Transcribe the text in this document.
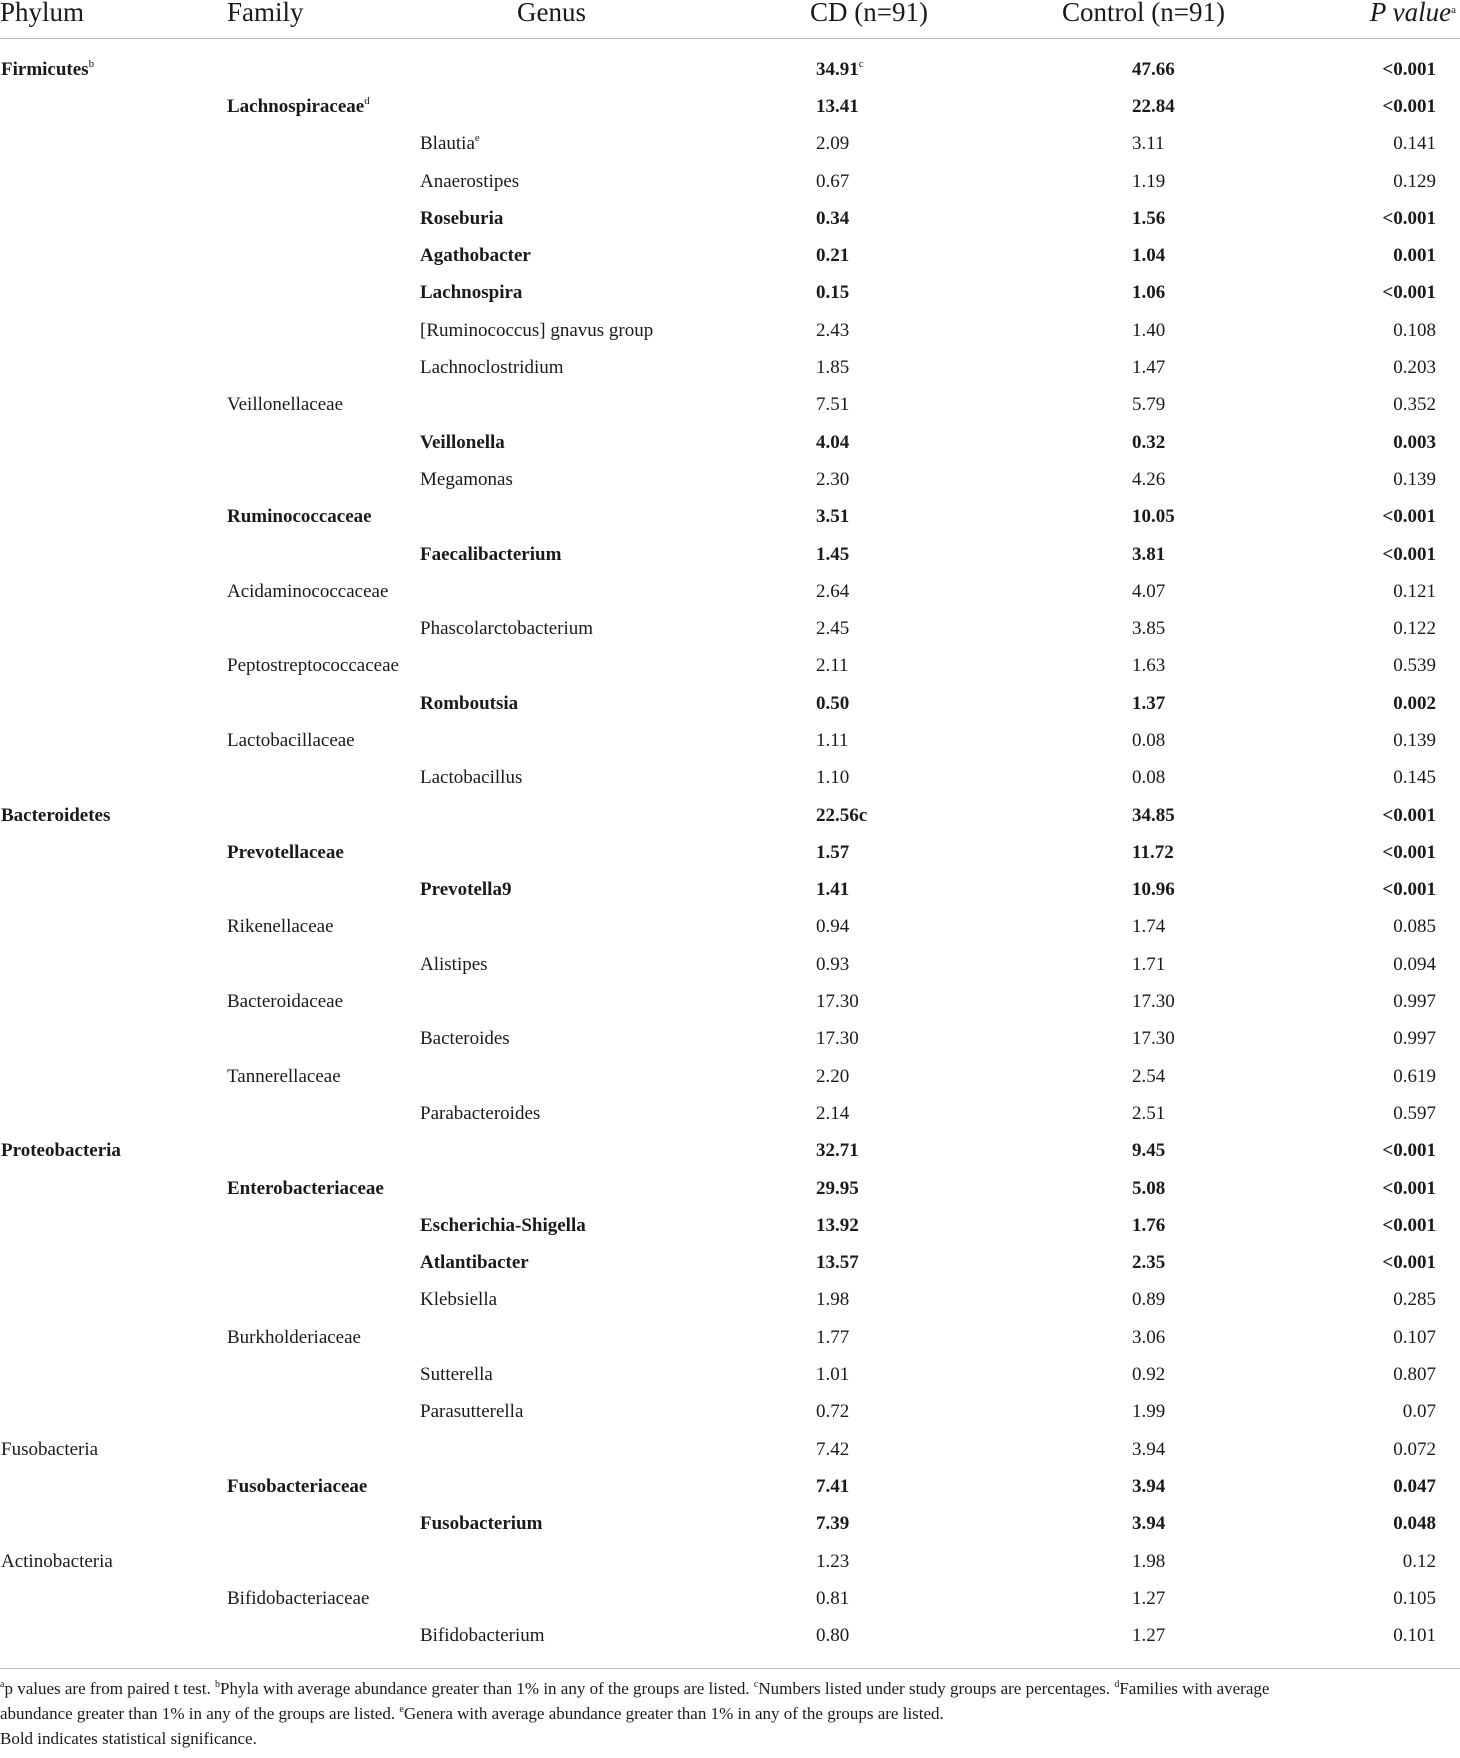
Phylum	Family	Genus	CD (n=91)	Control (n=91)	P value$^a$
Firmicutes$^b$			34.91$^c$	47.66	<0.001
	Lachnospiraceae$^d$		13.41	22.84	<0.001
		Blautia$^e$	2.09	3.11	0.141
		Anaerostipes	0.67	1.19	0.129
		Roseburia	0.34	1.56	<0.001
		Agathobacter	0.21	1.04	0.001
		Lachnospira	0.15	1.06	<0.001
		[Ruminococcus] gnavus group	2.43	1.40	0.108
		Lachnoclostridium	1.85	1.47	0.203
	Veillonellaceae		7.51	5.79	0.352
		Veillonella	4.04	0.32	0.003
		Megamonas	2.30	4.26	0.139
	Ruminococcaceae		3.51	10.05	<0.001
		Faecalibacterium	1.45	3.81	<0.001
	Acidaminococcaceae		2.64	4.07	0.121
		Phascolarctobacterium	2.45	3.85	0.122
	Peptostreptococcaceae		2.11	1.63	0.539
		Romboutsia	0.50	1.37	0.002
	Lactobacillaceae		1.11	0.08	0.139
		Lactobacillus	1.10	0.08	0.145
Bacteroidetes			22.56c	34.85	<0.001
	Prevotellaceae		1.57	11.72	<0.001
		Prevotella9	1.41	10.96	<0.001
	Rikenellaceae		0.94	1.74	0.085
		Alistipes	0.93	1.71	0.094
	Bacteroidaceae		17.30	17.30	0.997
		Bacteroides	17.30	17.30	0.997
	Tannerellaceae		2.20	2.54	0.619
		Parabacteroides	2.14	2.51	0.597
Proteobacteria			32.71	9.45	<0.001
	Enterobacteriaceae		29.95	5.08	<0.001
		Escherichia-Shigella	13.92	1.76	<0.001
		Atlantibacter	13.57	2.35	<0.001
		Klebsiella	1.98	0.89	0.285
	Burkholderiaceae		1.77	3.06	0.107
		Sutterella	1.01	0.92	0.807
		Parasutterella	0.72	1.99	0.07
Fusobacteria			7.42	3.94	0.072
	Fusobacteriaceae		7.41	3.94	0.047
		Fusobacterium	7.39	3.94	0.048
Actinobacteria			1.23	1.98	0.12
	Bifidobacteriaceae		0.81	1.27	0.105
		Bifidobacterium	0.80	1.27	0.101

$^a$p values are from paired t test. $^b$Phyla with average abundance greater than 1% in any of the groups are listed. $^c$Numbers listed under study groups are percentages. $^d$Families with average

abundance greater than 1% in any of the groups are listed. $^e$Genera with average abundance greater than 1% in any of the groups are listed.

Bold indicates statistical significance.
